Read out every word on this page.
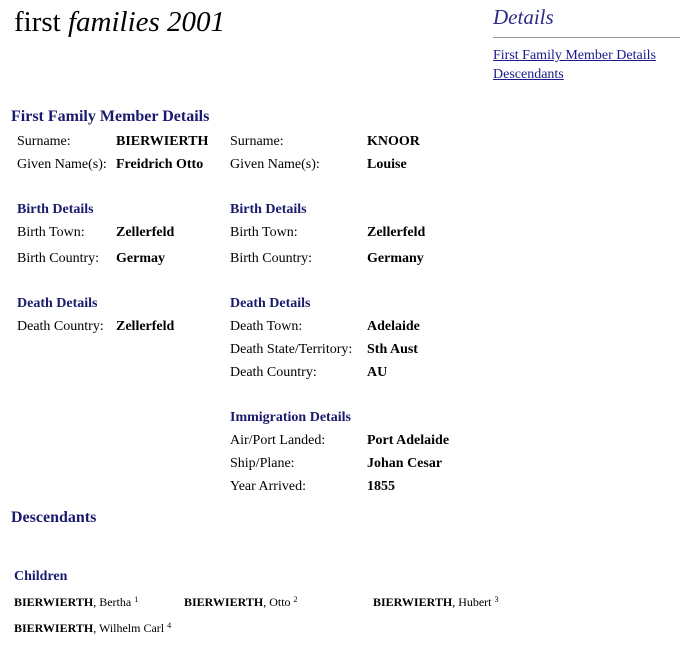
first families 2001	Details
First Family Member Details
Descendants
First Family Member Details
Surname:	BIERWIERTH
Given Name(s): Freidrich Otto
Birth Details
Birth Town: Zellerfeld
Birth Country: Germay
Death Details
Death Country: Zellerfeld
Surname:	KNOOR
Given Name(s):	Louise
Birth Details
Birth Town:	Zellerfeld
Birth Country:	Germany
Death Details
Death Town:	Adelaide
Death State/Territory: Sth Aust
Death Country:	AU
Immigration Details
Air/Port Landed:	Port Adelaide
Ship/Plane:	Johan Cesar
Year Arrived:	1855
Descendants
Children
BIERWIERTH, Bertha $^1$	BIERWIERTH, Otto $^2$	BIERWIERTH, Hubert $^3$
BIERWIERTH, Wilhelm Carl $^4$
